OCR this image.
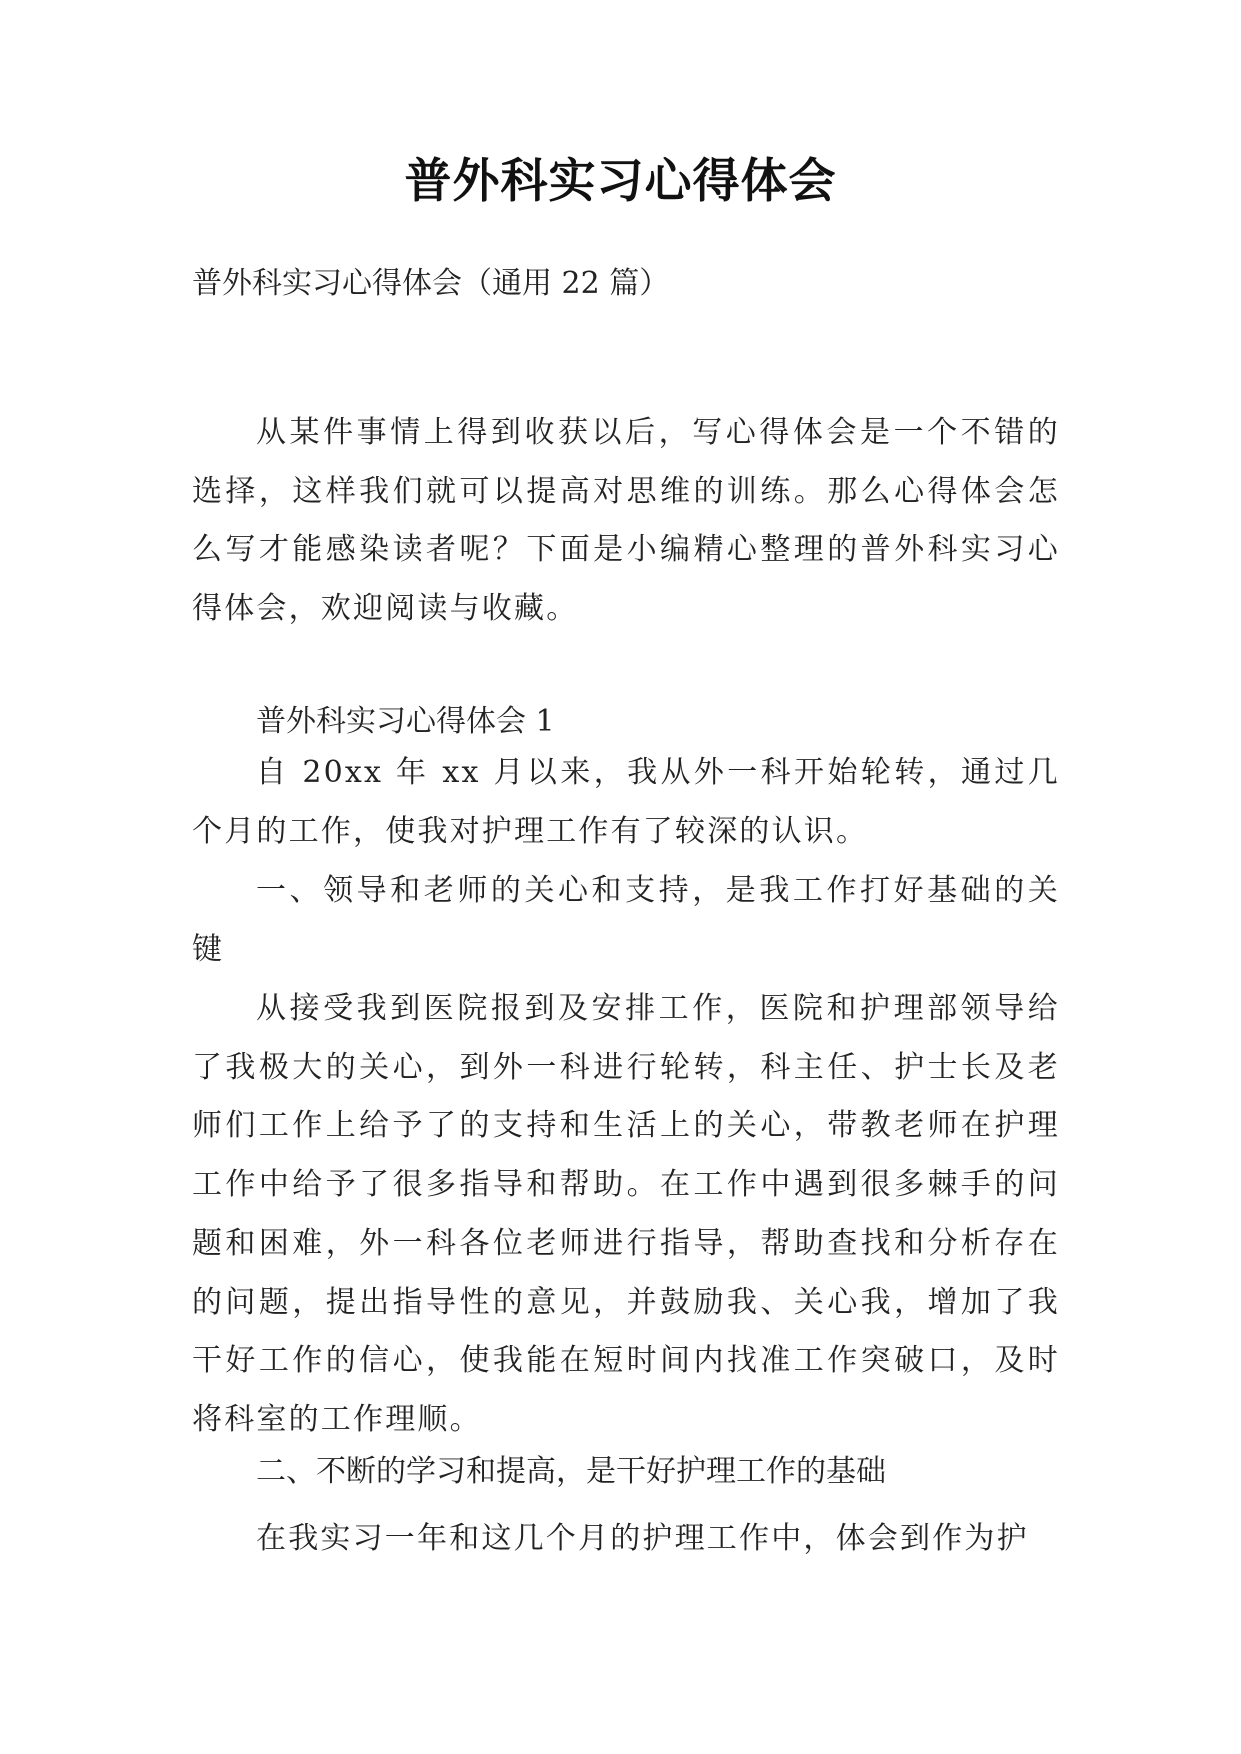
普外科实习心得体会

普外科实习心得体会（通用 22 篇）

从某件事情上得到收获以后，写心得体会是一个不错的选择，这样我们就可以提高对思维的训练。那么心得体会怎么写才能感染读者呢？下面是小编精心整理的普外科实习心得体会，欢迎阅读与收藏。

普外科实习心得体会 1

自 20xx 年 xx 月以来，我从外一科开始轮转，通过几个月的工作，使我对护理工作有了较深的认识。

一、领导和老师的关心和支持，是我工作打好基础的关键

从接受我到医院报到及安排工作，医院和护理部领导给了我极大的关心，到外一科进行轮转，科主任、护士长及老师们工作上给予了的支持和生活上的关心，带教老师在护理工作中给予了很多指导和帮助。在工作中遇到很多棘手的问题和困难，外一科各位老师进行指导，帮助查找和分析存在的问题，提出指导性的意见，并鼓励我、关心我，增加了我干好工作的信心，使我能在短时间内找准工作突破口，及时将科室的工作理顺。

二、不断的学习和提高，是干好护理工作的基础

在我实习一年和这几个月的护理工作中，体会到作为护
